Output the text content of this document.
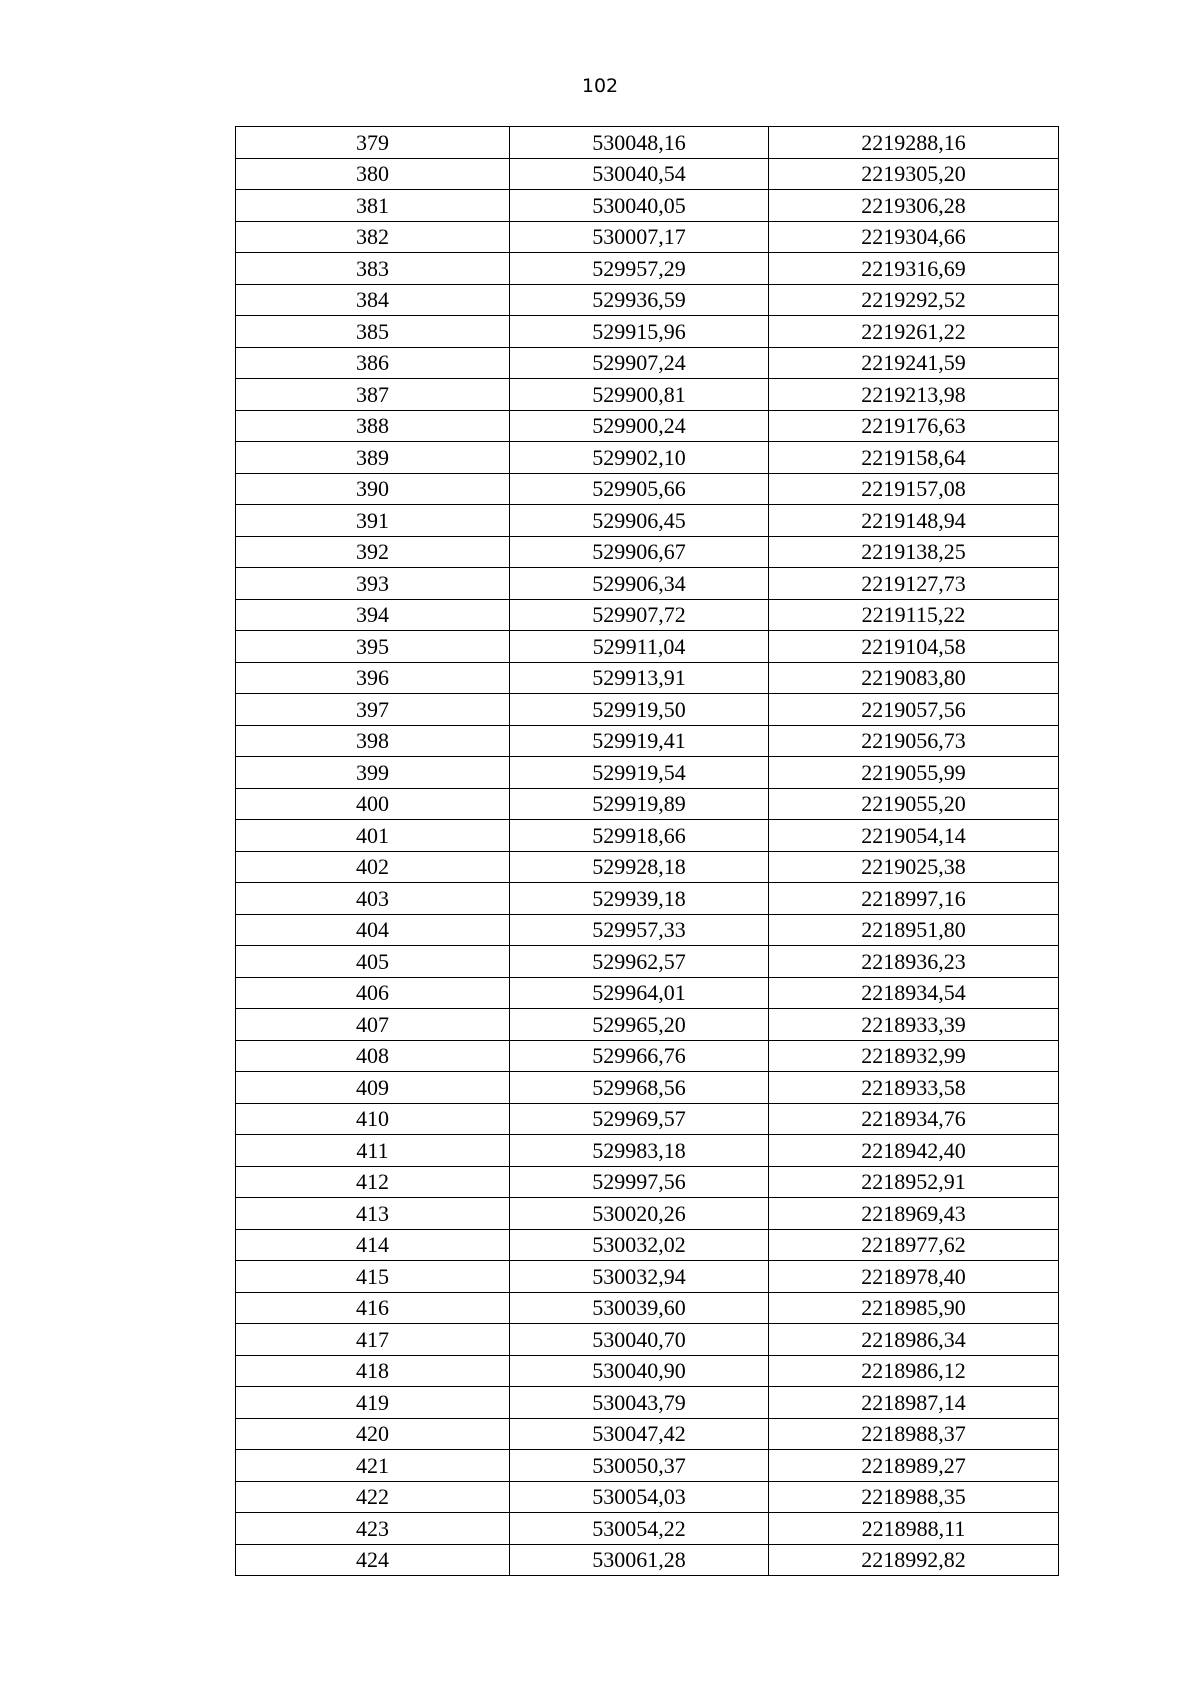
102
379	530048,16	2219288,16
380	530040,54	2219305,20
381	530040,05	2219306,28
382	530007,17	2219304,66
383	529957,29	2219316,69
384	529936,59	2219292,52
385	529915,96	2219261,22
386	529907,24	2219241,59
387	529900,81	2219213,98
388	529900,24	2219176,63
389	529902,10	2219158,64
390	529905,66	2219157,08
391	529906,45	2219148,94
392	529906,67	2219138,25
393	529906,34	2219127,73
394	529907,72	2219115,22
395	529911,04	2219104,58
396	529913,91	2219083,80
397	529919,50	2219057,56
398	529919,41	2219056,73
399	529919,54	2219055,99
400	529919,89	2219055,20
401	529918,66	2219054,14
402	529928,18	2219025,38
403	529939,18	2218997,16
404	529957,33	2218951,80
405	529962,57	2218936,23
406	529964,01	2218934,54
407	529965,20	2218933,39
408	529966,76	2218932,99
409	529968,56	2218933,58
410	529969,57	2218934,76
411	529983,18	2218942,40
412	529997,56	2218952,91
413	530020,26	2218969,43
414	530032,02	2218977,62
415	530032,94	2218978,40
416	530039,60	2218985,90
417	530040,70	2218986,34
418	530040,90	2218986,12
419	530043,79	2218987,14
420	530047,42	2218988,37
421	530050,37	2218989,27
422	530054,03	2218988,35
423	530054,22	2218988,11
424	530061,28	2218992,82
